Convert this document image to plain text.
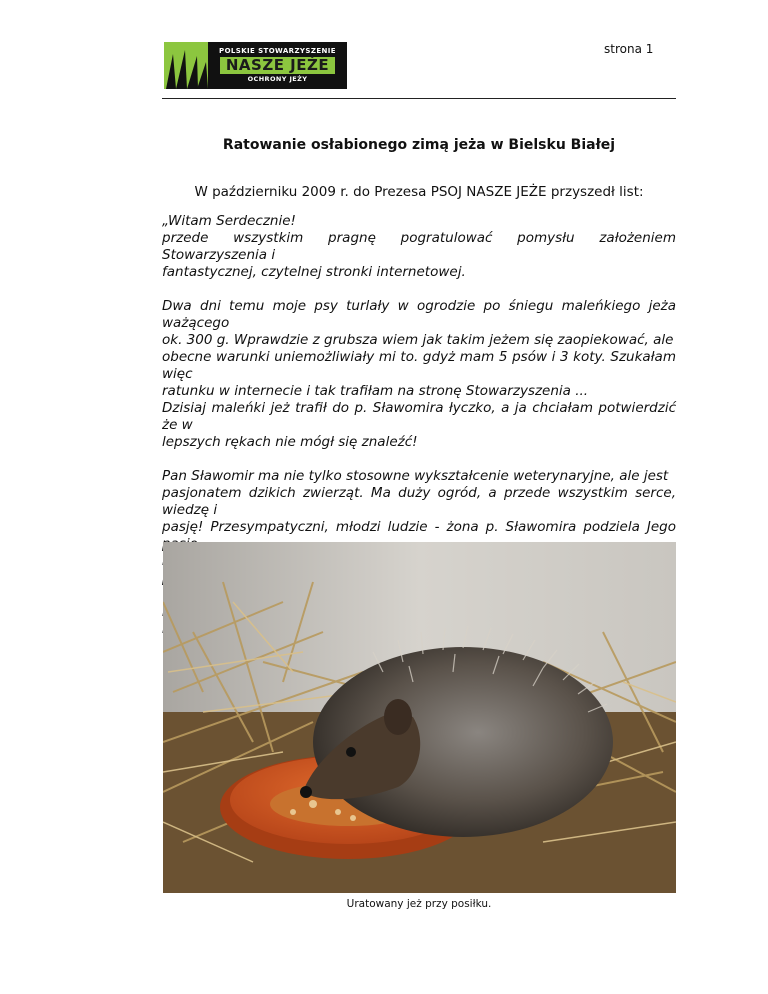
POLSKIE STOWARZYSZENIE
NASZE JEŻE
OCHRONY JEŻY
strona 1
Ratowanie osłabionego zimą jeża w Bielsku Białej
W październiku 2009 r. do Prezesa PSOJ NASZE JEŻE przyszedł list:

„Witam Serdecznie!
przede wszystkim pragnę pogratulować pomysłu założeniem Stowarzyszenia i
fantastycznej, czytelnej stronki internetowej.

Dwa dni temu moje psy turlały w ogrodzie po śniegu maleńkiego jeża ważącego
ok. 300 g. Wprawdzie z grubsza wiem jak takim jeżem się zaopiekować, ale
obecne warunki uniemożliwiały mi to. gdyż mam 5 psów i 3 koty. Szukałam więc
ratunku w internecie i tak trafiłam na stronę Stowarzyszenia ...
Dzisiaj maleńki jeż trafił do p. Sławomira łyczko, a ja chciałam potwierdzić że w
lepszych rękach nie mógł się znaleźć!

Pan Sławomir ma nie tylko stosowne wykształcenie weterynaryjne, ale jest
pasjonatem dzikich zwierząt. Ma duży ogród, a przede wszystkim serce, wiedzę i
pasję! Przesympatyczni, młodzi ludzie - żona p. Sławomira podziela Jego

Uratowany jeż przy posiłku.
